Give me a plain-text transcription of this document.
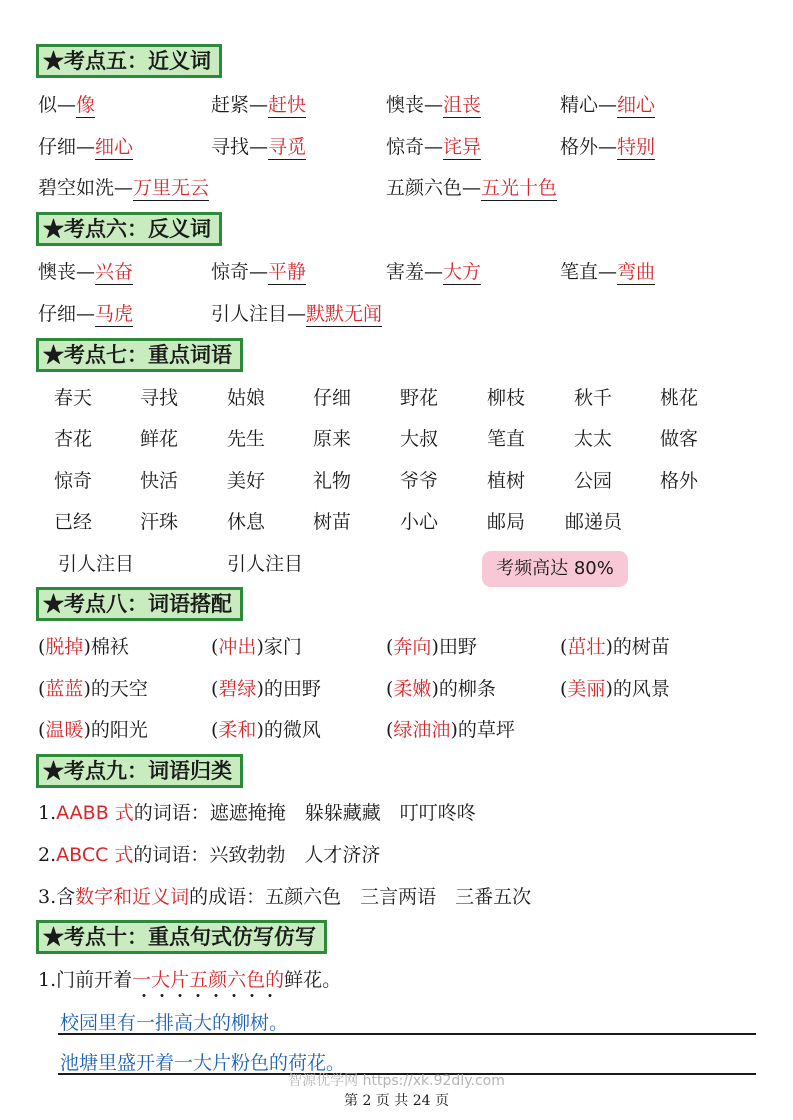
★考点五：近义词
似—像	赶紧—赶快	懊丧—沮丧	精心—细心
仔细—细心	寻找—寻觅	惊奇—诧异	格外—特别
碧空如洗—万里无云	五颜六色—五光十色
★考点六：反义词
懊丧—兴奋	惊奇—平静	害羞—大方	笔直—弯曲
仔细—马虎	引人注目—默默无闻
★考点七：重点词语
春天	寻找	姑娘	仔细	野花	柳枝	秋千	桃花
杏花	鲜花	先生	原来	大叔	笔直	太太	做客
惊奇	快活	美好	礼物	爷爷	植树	公园	格外
已经	汗珠	休息	树苗	小心	邮局 邮递员
引人注目	引人注目	考频高达 80%
★考点八：词语搭配
(脱掉)棉袄	(冲出)家门	(奔向)田野	(茁壮)的树苗
(蓝蓝)的天空	(碧绿)的田野	(柔嫩)的柳条	(美丽)的风景
(温暖)的阳光	(柔和)的微风	(绿油油)的草坪
★考点九：词语归类
1.AABB 式的词语：遮遮掩掩　躲躲藏藏　叮叮咚咚
2.ABCC 式的词语：兴致勃勃　人才济济
3.含数字和近义词的成语：五颜六色　三言两语　三番五次
★考点十：重点句式仿写仿写
1.门前开着一大片五颜六色的鲜花。
校园里有一排高大的柳树。
池塘里盛开着一大片粉色的荷花。
智源优学网 https://xk.92dly.com
第 2 页 共 24 页
